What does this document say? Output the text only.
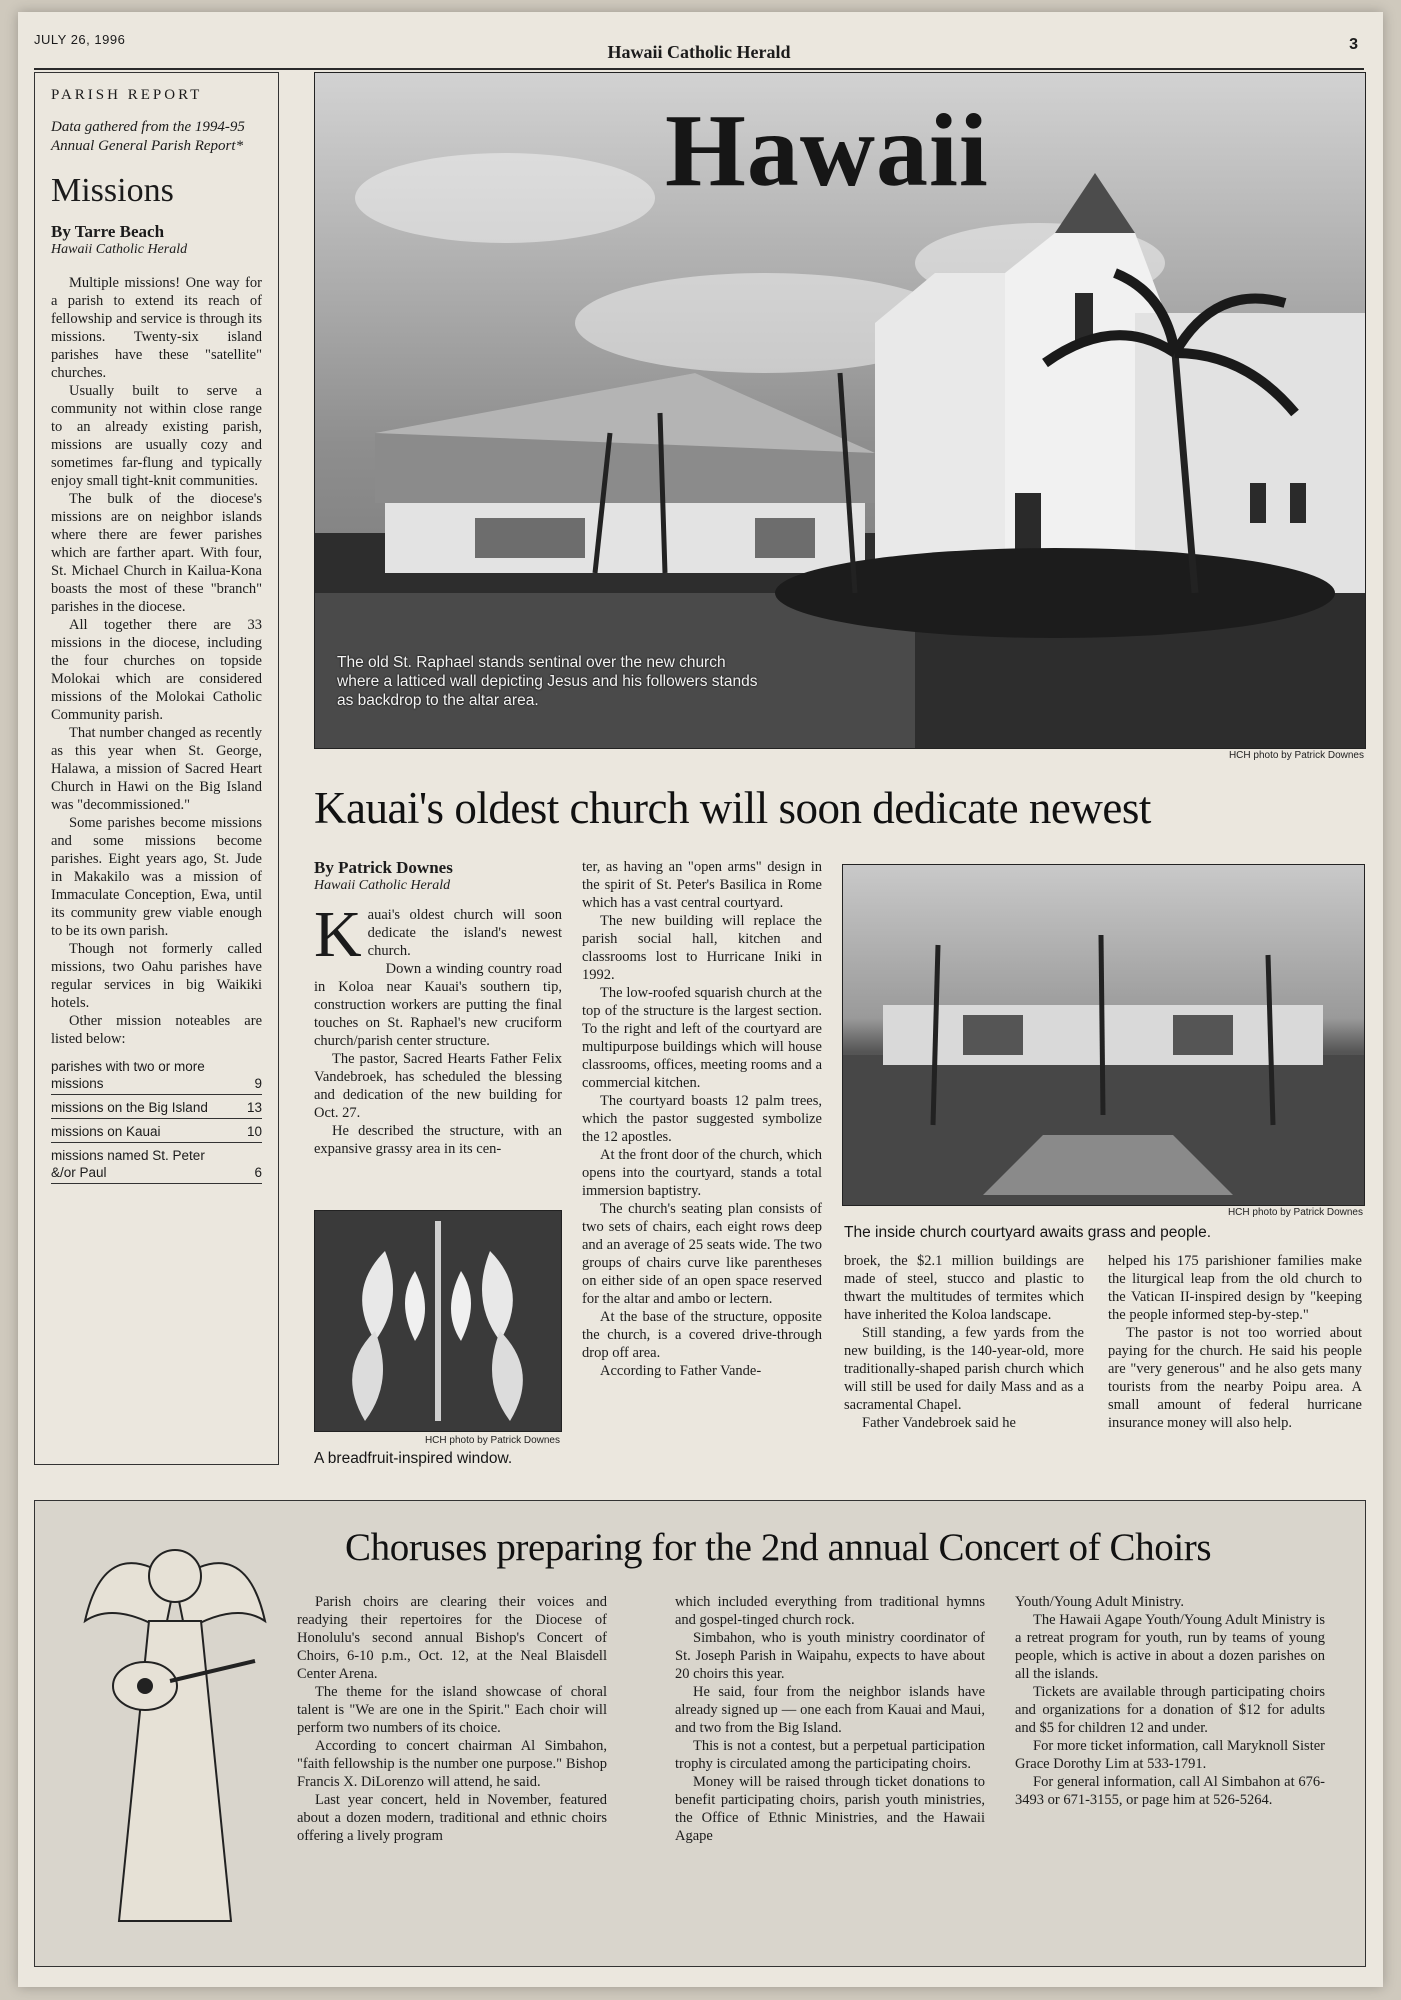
JULY 26, 1996
Hawaii Catholic Herald	3
PARISH REPORT
Data gathered from the 1994-95 Annual General Parish Report*
Missions
By Tarre Beach
Hawaii Catholic Herald

Multiple missions! One way for a parish to extend its reach of fellowship and service is through its missions. Twenty-six island parishes have these "satellite" churches.

Usually built to serve a community not within close range to an already existing parish, missions are usually cozy and sometimes far-flung and typically enjoy small tight-knit communities.

The bulk of the diocese's missions are on neighbor islands where there are fewer parishes which are farther apart. With four, St. Michael Church in Kailua-Kona boasts the most of these "branch" parishes in the diocese.

All together there are 33 missions in the diocese, including the four churches on topside Molokai which are considered missions of the Molokai Catholic Community parish.

That number changed as recently as this year when St. George, Halawa, a mission of Sacred Heart Church in Hawi on the Big Island was "decommissioned."

Some parishes become missions and some missions become parishes. Eight years ago, St. Jude in Makakilo was a mission of Immaculate Conception, Ewa, until its community grew viable enough to be its own parish.

Though not formerly called missions, two Oahu parishes have regular services in big Waikiki hotels.

Other mission noteables are listed below:

parishes with two or more missions	9
missions on the Big Island	13
missions on Kauai	10
missions named St. Peter &/or Paul	6
Hawaii
The old St. Raphael stands sentinal over the new church where a latticed wall depicting Jesus and his followers stands as backdrop to the altar area.
HCH photo by Patrick Downes
Kauai's oldest church will soon dedicate newest
By Patrick Downes
Hawaii Catholic Herald

Kauai's oldest church will soon dedicate the island's newest church.

Down a winding country road in Koloa near Kauai's southern tip, construction workers are putting the final touches on St. Raphael's new cruciform church/parish center structure.

The pastor, Sacred Hearts Father Felix Vandebroek, has scheduled the blessing and dedication of the new building for Oct. 27.

He described the structure, with an expansive grassy area in its cen-

ter, as having an "open arms" design in the spirit of St. Peter's Basilica in Rome which has a vast central courtyard.

The new building will replace the parish social hall, kitchen and classrooms lost to Hurricane Iniki in 1992.

The low-roofed squarish church at the top of the structure is the largest section. To the right and left of the courtyard are multipurpose buildings which will house classrooms, offices, meeting rooms and a commercial kitchen.

The courtyard boasts 12 palm trees, which the pastor suggested symbolize the 12 apostles.

At the front door of the church, which opens into the courtyard, stands a total immersion baptistry.

The church's seating plan consists of two sets of chairs, each eight rows deep and an average of 25 seats wide. The two groups of chairs curve like parentheses on either side of an open space reserved for the altar and ambo or lectern.

At the base of the structure, opposite the church, is a covered drive-through drop off area.

According to Father Vande-

HCH photo by Patrick Downes
The inside church courtyard awaits grass and people.

broek, the $2.1 million buildings are made of steel, stucco and plastic to thwart the multitudes of termites which have inherited the Koloa landscape.

Still standing, a few yards from the new building, is the 140-year-old, more traditionally-shaped parish church which will still be used for daily Mass and as a sacramental Chapel.

Father Vandebroek said he

helped his 175 parishioner families make the liturgical leap from the old church to the Vatican II-inspired design by "keeping the people informed step-by-step."

The pastor is not too worried about paying for the church. He said his people are "very generous" and he also gets many tourists from the nearby Poipu area. A small amount of federal hurricane insurance money will also help.

HCH photo by Patrick Downes
A breadfruit-inspired window.
Choruses preparing for the 2nd annual Concert of Choirs

Parish choirs are clearing their voices and readying their repertoires for the Diocese of Honolulu's second annual Bishop's Concert of Choirs, 6-10 p.m., Oct. 12, at the Neal Blaisdell Center Arena.

The theme for the island showcase of choral talent is "We are one in the Spirit." Each choir will perform two numbers of its choice.

According to concert chairman Al Simbahon, "faith fellowship is the number one purpose." Bishop Francis X. DiLorenzo will attend, he said.

Last year concert, held in November, featured about a dozen modern, traditional and ethnic choirs offering a lively program

which included everything from traditional hymns and gospel-tinged church rock.

Simbahon, who is youth ministry coordinator of St. Joseph Parish in Waipahu, expects to have about 20 choirs this year.

He said, four from the neighbor islands have already signed up — one each from Kauai and Maui, and two from the Big Island.

This is not a contest, but a perpetual participation trophy is circulated among the participating choirs.

Money will be raised through ticket donations to benefit participating choirs, parish youth ministries, the Office of Ethnic Ministries, and the Hawaii Agape

Youth/Young Adult Ministry.

The Hawaii Agape Youth/Young Adult Ministry is a retreat program for youth, run by teams of young people, which is active in about a dozen parishes on all the islands.

Tickets are available through participating choirs and organizations for a donation of $12 for adults and $5 for children 12 and under.

For more ticket information, call Maryknoll Sister Grace Dorothy Lim at 533-1791.

For general information, call Al Simbahon at 676-3493 or 671-3155, or page him at 526-5264.
